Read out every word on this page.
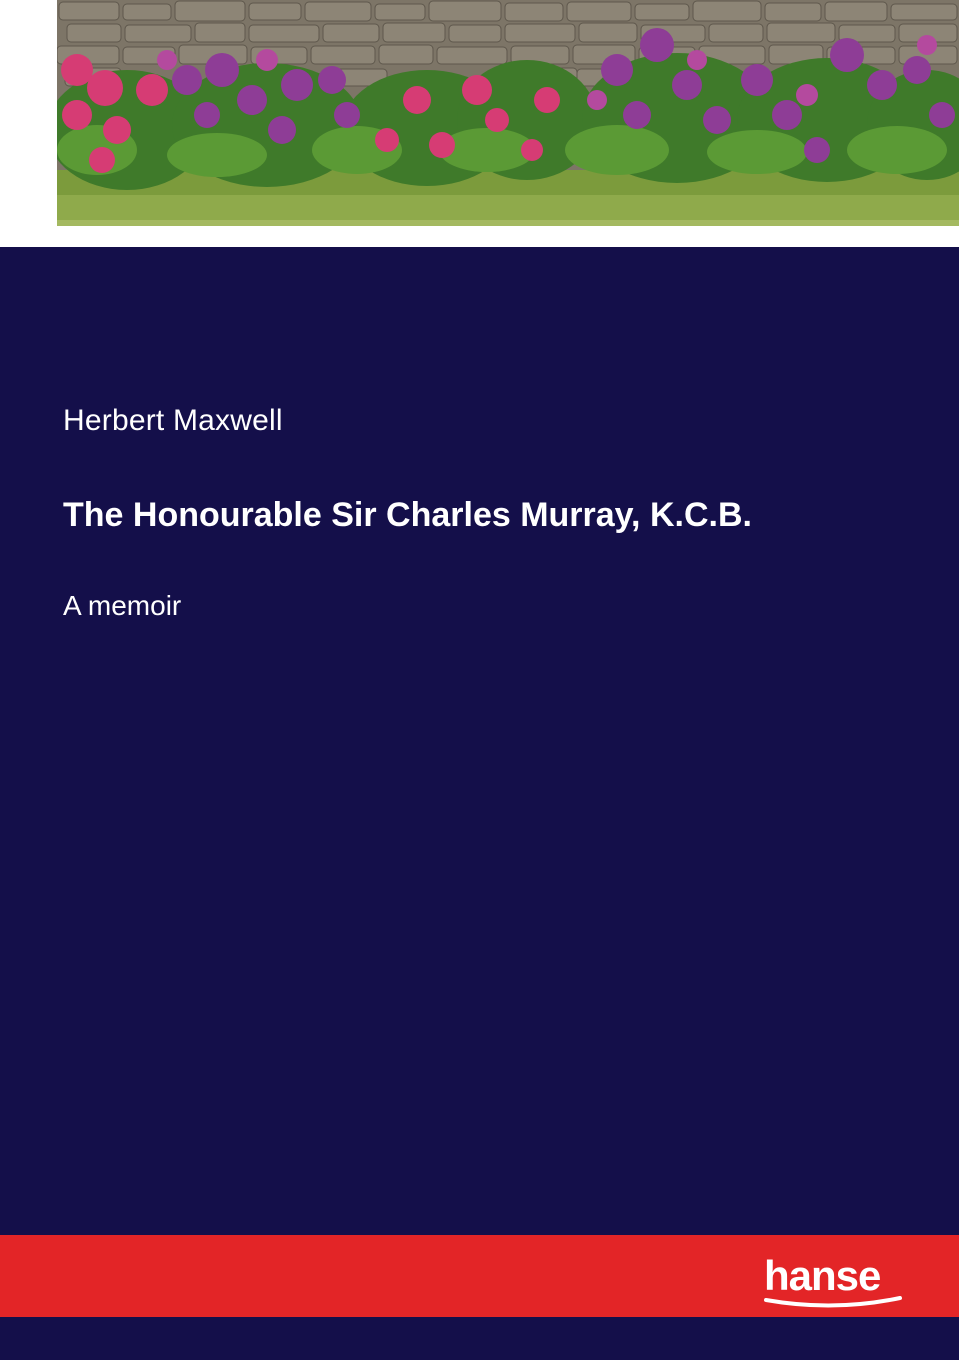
Herbert Maxwell
The Honourable Sir Charles Murray, K.C.B.
A memoir
hanse
